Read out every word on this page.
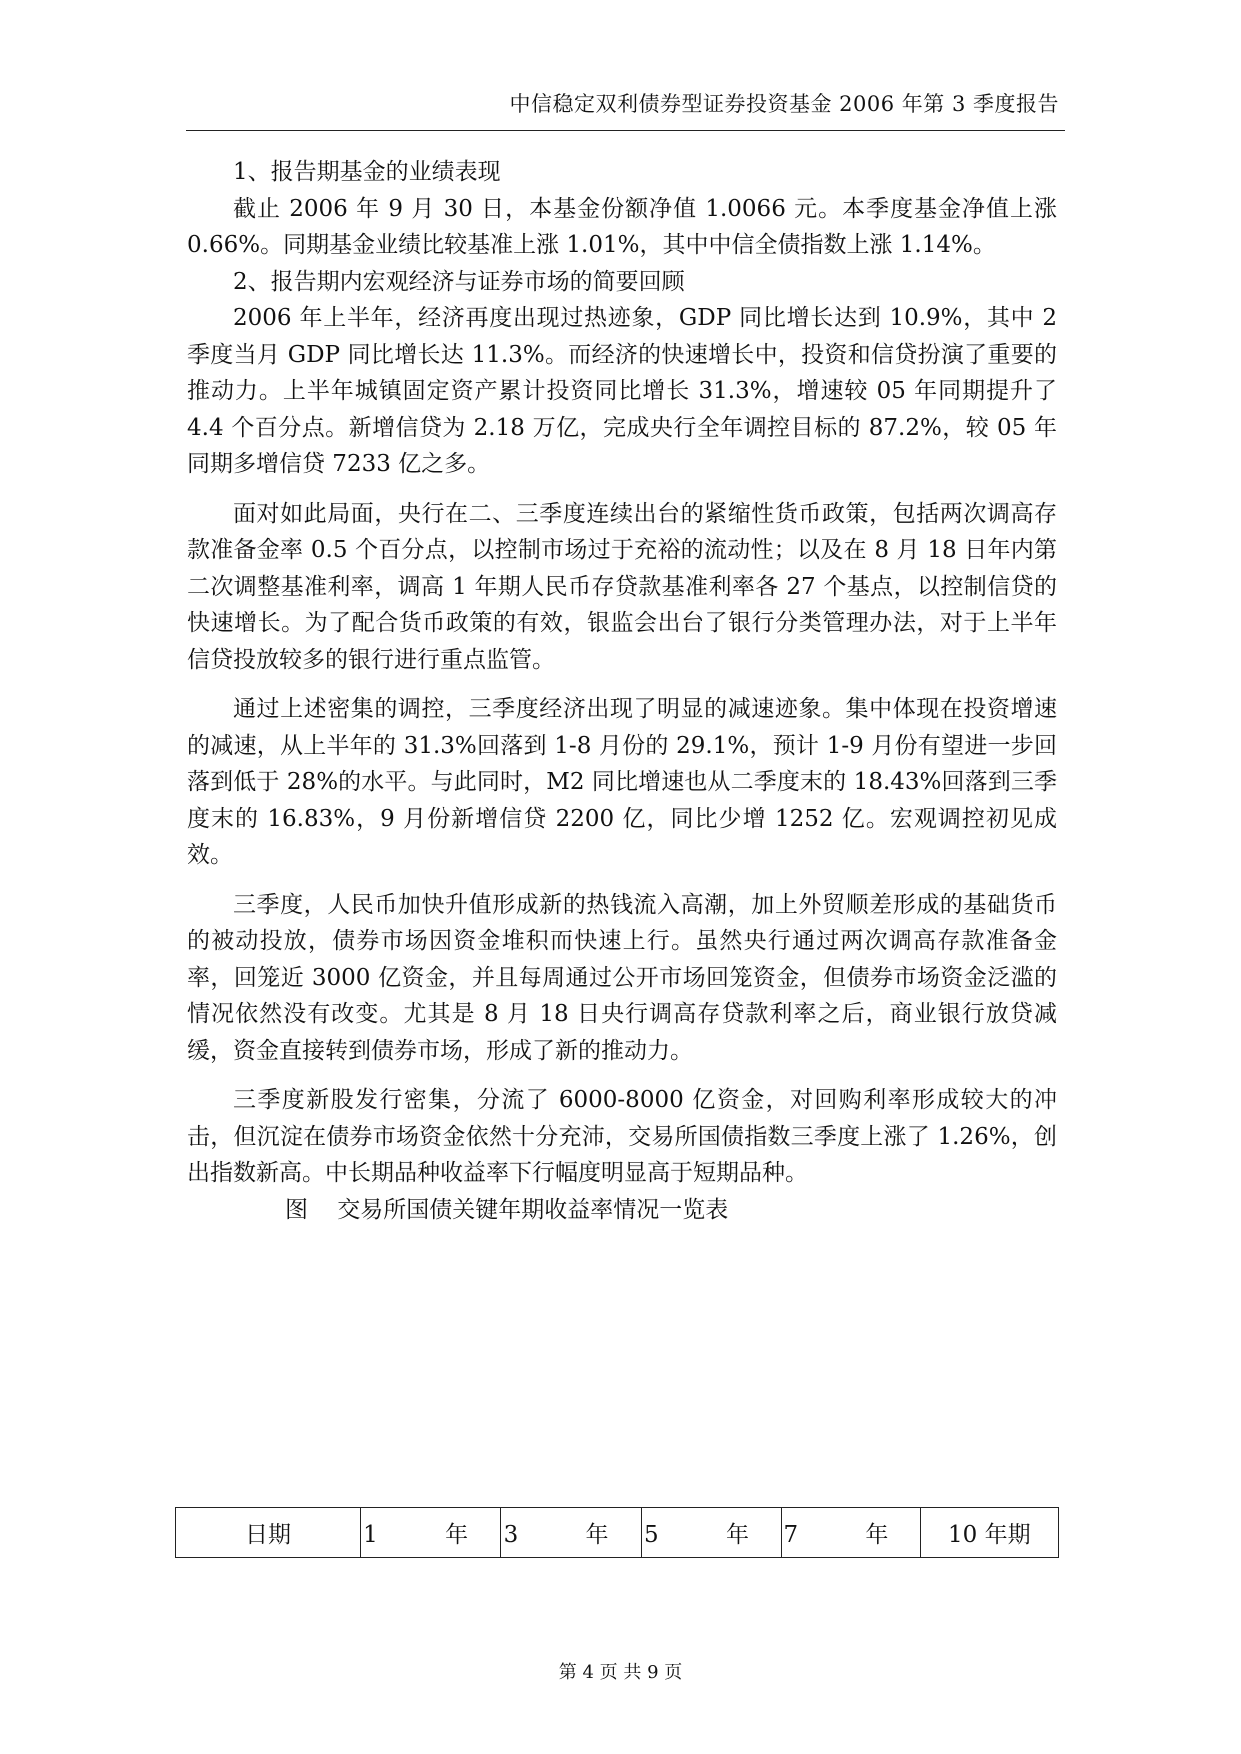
中信稳定双利债券型证券投资基金 2006 年第 3 季度报告

1、报告期基金的业绩表现

截止 2006 年 9 月 30 日，本基金份额净值 1.0066 元。本季度基金净值上涨 0.66%。同期基金业绩比较基准上涨 1.01%，其中中信全债指数上涨 1.14%。

2、报告期内宏观经济与证券市场的简要回顾

2006 年上半年，经济再度出现过热迹象，GDP 同比增长达到 10.9%，其中 2 季度当月 GDP 同比增长达 11.3%。而经济的快速增长中，投资和信贷扮演了重要的推动力。上半年城镇固定资产累计投资同比增长 31.3%，增速较 05 年同期提升了 4.4 个百分点。新增信贷为 2.18 万亿，完成央行全年调控目标的 87.2%，较 05 年同期多增信贷 7233 亿之多。

面对如此局面，央行在二、三季度连续出台的紧缩性货币政策，包括两次调高存款准备金率 0.5 个百分点，以控制市场过于充裕的流动性；以及在 8 月 18 日年内第二次调整基准利率，调高 1 年期人民币存贷款基准利率各 27 个基点，以控制信贷的快速增长。为了配合货币政策的有效，银监会出台了银行分类管理办法，对于上半年信贷投放较多的银行进行重点监管。

通过上述密集的调控，三季度经济出现了明显的减速迹象。集中体现在投资增速的减速，从上半年的 31.3%回落到 1-8 月份的 29.1%，预计 1-9 月份有望进一步回落到低于 28%的水平。与此同时，M2 同比增速也从二季度末的 18.43%回落到三季度末的 16.83%，9 月份新增信贷 2200 亿，同比少增 1252 亿。宏观调控初见成效。

三季度，人民币加快升值形成新的热钱流入高潮，加上外贸顺差形成的基础货币的被动投放，债券市场因资金堆积而快速上行。虽然央行通过两次调高存款准备金率，回笼近 3000 亿资金，并且每周通过公开市场回笼资金，但债券市场资金泛滥的情况依然没有改变。尤其是 8 月 18 日央行调高存贷款利率之后，商业银行放贷减缓，资金直接转到债券市场，形成了新的推动力。

三季度新股发行密集，分流了 6000-8000 亿资金，对回购利率形成较大的冲击，但沉淀在债券市场资金依然十分充沛，交易所国债指数三季度上涨了 1.26%，创出指数新高。中长期品种收益率下行幅度明显高于短期品种。

图    交易所国债关键年期收益率情况一览表

日期	1 年	3 年	5 年	7 年	10 年期
第 4 页 共 9 页
